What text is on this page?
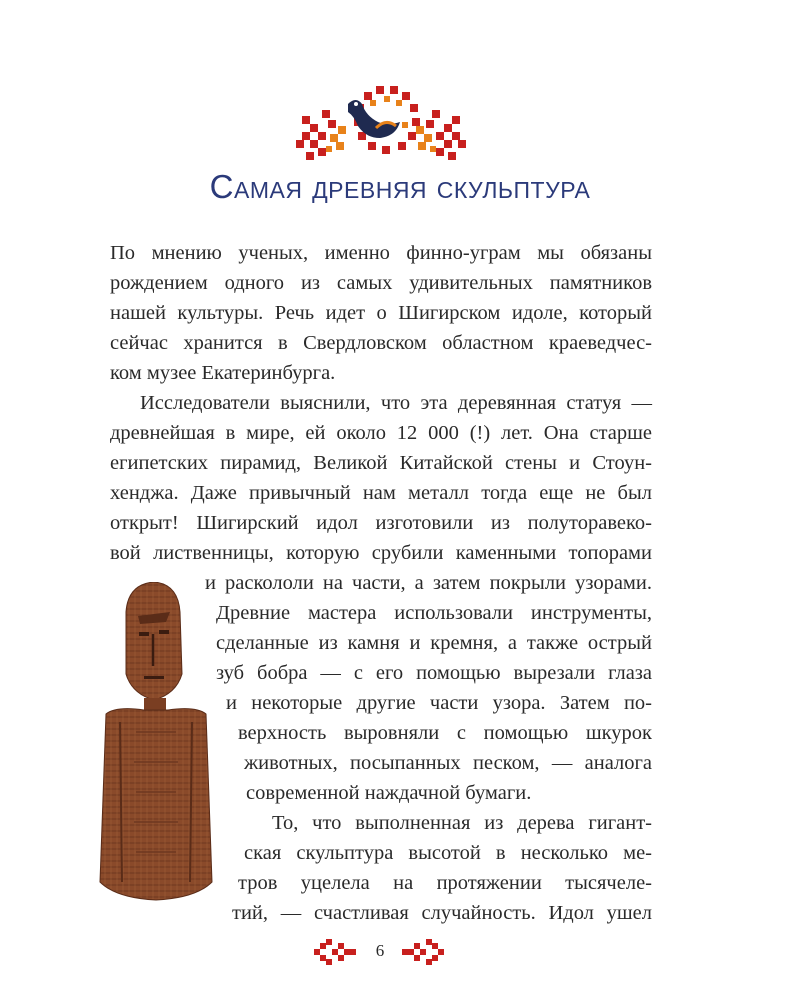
Самая древняя скульптура
По мнению ученых, именно финно-уграм мы обязаны
рождением одного из самых удивительных памятников
нашей культуры. Речь идет о Шигирском идоле, который
сейчас хранится в Свердловском областном краеведчес-
ком музее Екатеринбурга.
Исследователи выяснили, что эта деревянная статуя —
древнейшая в мире, ей около 12 000 (!) лет. Она старше
египетских пирамид, Великой Китайской стены и Стоун-
хенджа. Даже привычный нам металл тогда еще не был
открыт! Шигирский идол изготовили из полуторавеко-
вой лиственницы, которую срубили каменными топорами
и раскололи на части, а затем покрыли узорами.
Древние мастера использовали инструменты,
сделанные из камня и кремня, а также острый
зуб бобра — с его помощью вырезали глаза
и некоторые другие части узора. Затем по-
верхность выровняли с помощью шкурок
животных, посыпанных песком, — аналога
современной наждачной бумаги.
То, что выполненная из дерева гигант-
ская скульптура высотой в несколько ме-
тров уцелела на протяжении тысячеле-
тий, — счастливая случайность. Идол ушел
6
